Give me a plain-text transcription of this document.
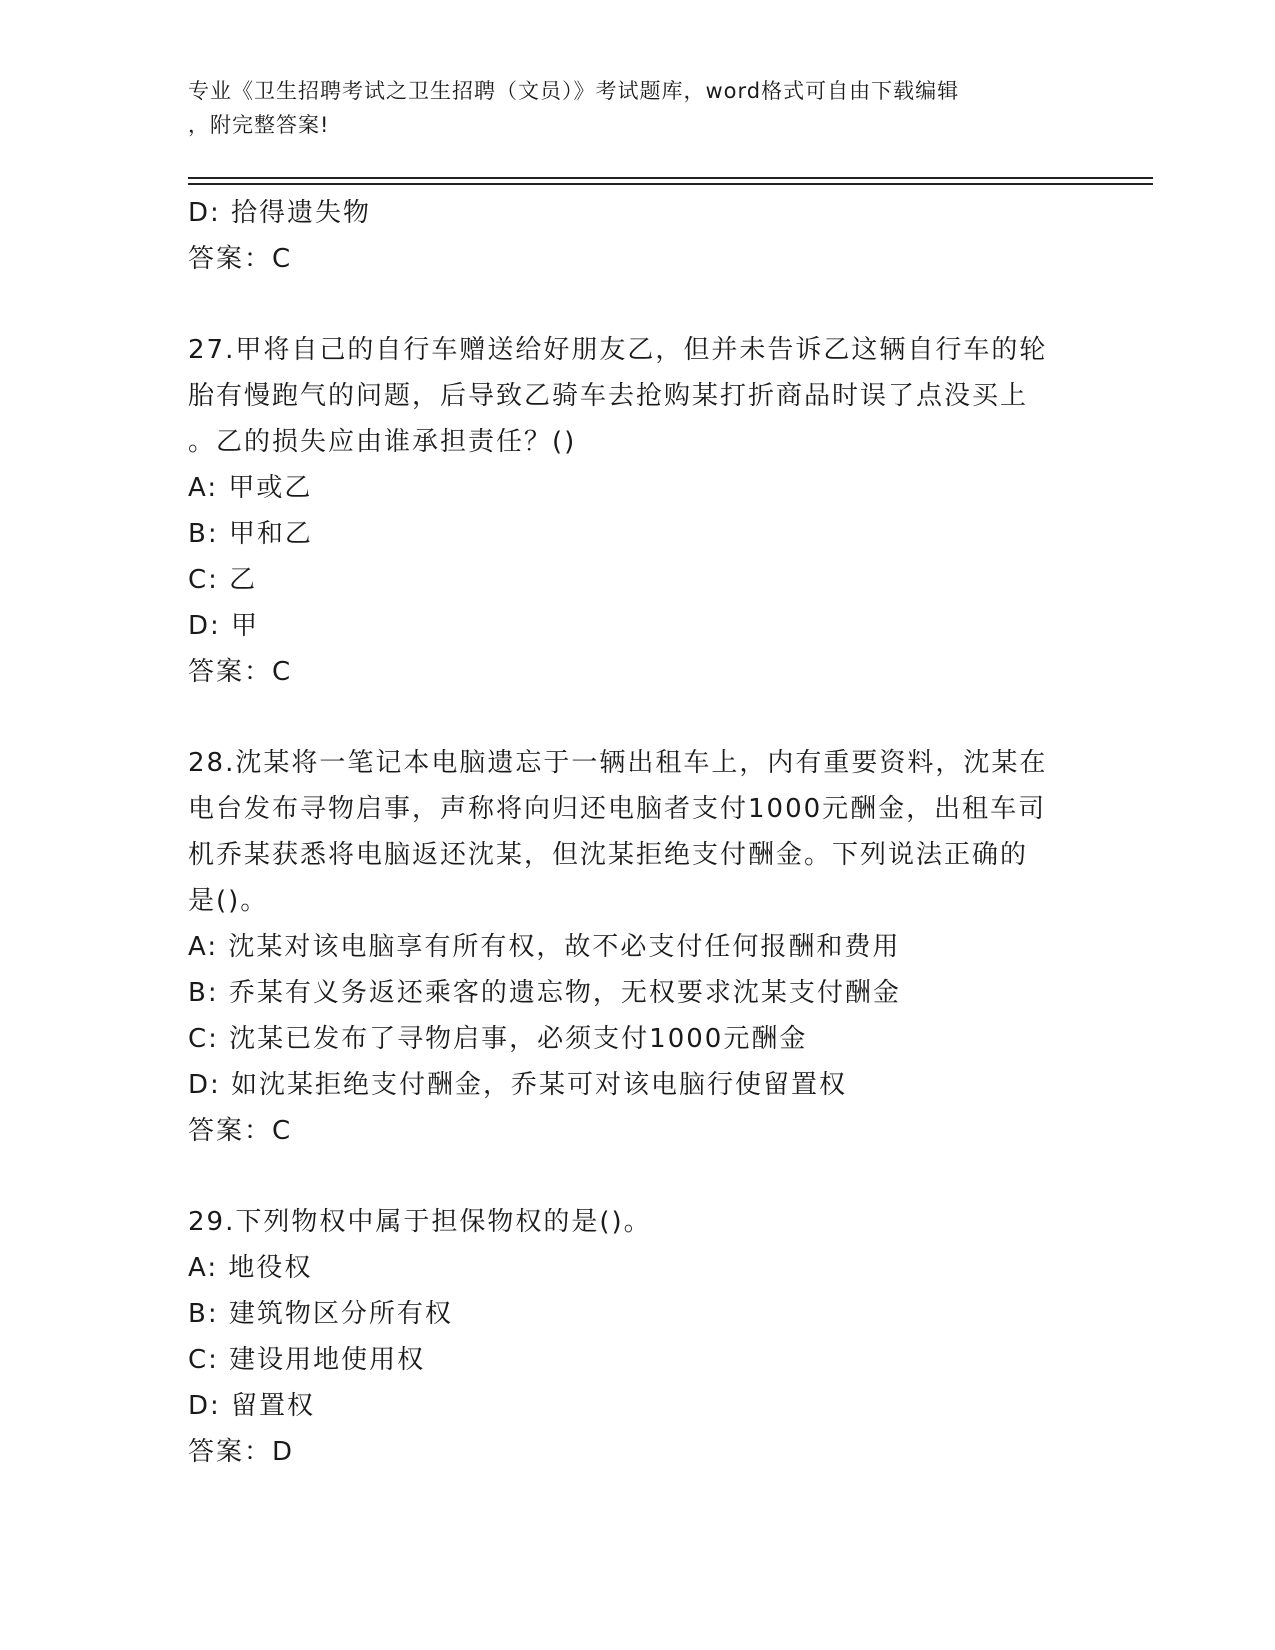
专业《卫生招聘考试之卫生招聘（文员）》考试题库，word格式可自由下载编辑
，附完整答案!
D: 拾得遗失物
答案：C
27.甲将自己的自行车赠送给好朋友乙，但并未告诉乙这辆自行车的轮
胎有慢跑气的问题，后导致乙骑车去抢购某打折商品时误了点没买上
。乙的损失应由谁承担责任？()
A: 甲或乙
B: 甲和乙
C: 乙
D: 甲
答案：C
28.沈某将一笔记本电脑遗忘于一辆出租车上，内有重要资料，沈某在
电台发布寻物启事，声称将向归还电脑者支付1000元酬金，出租车司
机乔某获悉将电脑返还沈某，但沈某拒绝支付酬金。下列说法正确的
是()。
A: 沈某对该电脑享有所有权，故不必支付任何报酬和费用
B: 乔某有义务返还乘客的遗忘物，无权要求沈某支付酬金
C: 沈某已发布了寻物启事，必须支付1000元酬金
D: 如沈某拒绝支付酬金，乔某可对该电脑行使留置权
答案：C
29.下列物权中属于担保物权的是()。
A: 地役权
B: 建筑物区分所有权
C: 建设用地使用权
D: 留置权
答案：D
